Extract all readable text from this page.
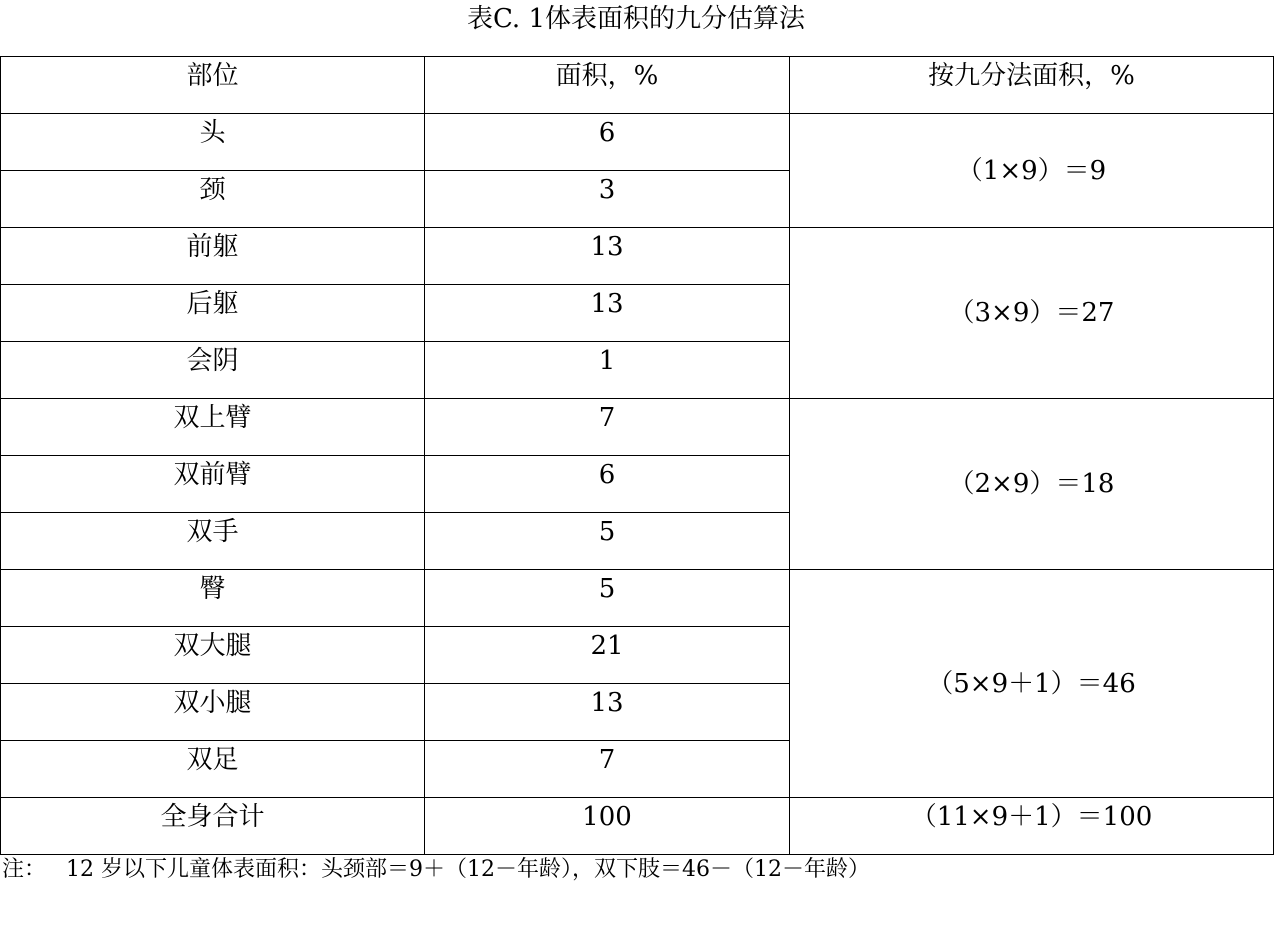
表C. 1体表面积的九分估算法
部位	面积，%	按九分法面积，%
头	6	（1×9）＝9
颈	3	
前躯	13	（3×9）＝27
后躯	13	
会阴	1	
双上臂	7	（2×9）＝18
双前臂	6	
双手	5	
臀	5	（5×9＋1）＝46
双大腿	21	
双小腿	13	
双足	7	
全身合计	100	（11×9＋1）＝100
注： 12 岁以下儿童体表面积：头颈部＝9＋（12－年龄），双下肢＝46－（12－年龄）
